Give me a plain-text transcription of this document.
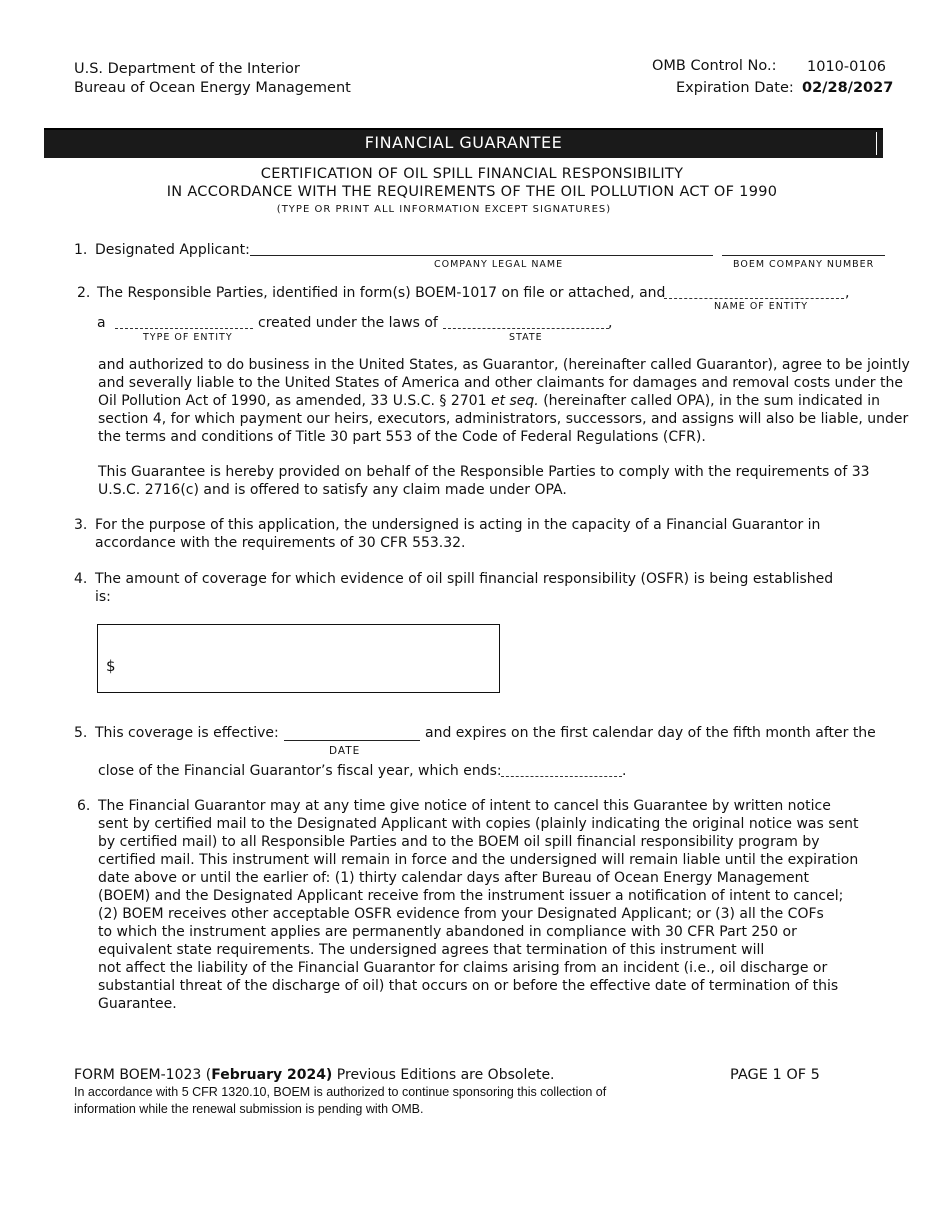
U.S. Department of the Interior
Bureau of Ocean Energy Management
OMB Control No.: 1010-0106
Expiration Date: 02/28/2027
FINANCIAL GUARANTEE
CERTIFICATION OF OIL SPILL FINANCIAL RESPONSIBILITY
IN ACCORDANCE WITH THE REQUIREMENTS OF THE OIL POLLUTION ACT OF 1990
(TYPE OR PRINT ALL INFORMATION EXCEPT SIGNATURES)
1. Designated Applicant:
COMPANY LEGAL NAME	BOEM COMPANY NUMBER
2. The Responsible Parties, identified in form(s) BOEM-1017 on file or attached, and	,
NAME OF ENTITY
a	created under the laws of	,
TYPE OF ENTITY	STATE

and authorized to do business in the United States, as Guarantor, (hereinafter called Guarantor), agree to be jointly

and severally liable to the United States of America and other claimants for damages and removal costs under the

Oil Pollution Act of 1990, as amended, 33 U.S.C. § 2701 et seq. (hereinafter called OPA), in the sum indicated in

section 4, for which payment our heirs, executors, administrators, successors, and assigns will also be liable, under

the terms and conditions of Title 30 part 553 of the Code of Federal Regulations (CFR).

This Guarantee is hereby provided on behalf of the Responsible Parties to comply with the requirements of 33

U.S.C. 2716(c) and is offered to satisfy any claim made under OPA.

3. For the purpose of this application, the undersigned is acting in the capacity of a Financial Guarantor in

accordance with the requirements of 30 CFR 553.32.

4. The amount of coverage for which evidence of oil spill financial responsibility (OSFR) is being established

is:

$
5. This coverage is effective:	and expires on the first calendar day of the fifth month after the
DATE
close of the Financial Guarantor’s fiscal year, which ends:	.
6. The Financial Guarantor may at any time give notice of intent to cancel this Guarantee by written notice

sent by certified mail to the Designated Applicant with copies (plainly indicating the original notice was sent

by certified mail) to all Responsible Parties and to the BOEM oil spill financial responsibility program by

certified mail. This instrument will remain in force and the undersigned will remain liable until the expiration

date above or until the earlier of: (1) thirty calendar days after Bureau of Ocean Energy Management

(BOEM) and the Designated Applicant receive from the instrument issuer a notification of intent to cancel;

(2) BOEM receives other acceptable OSFR evidence from your Designated Applicant; or (3) all the COFs

to which the instrument applies are permanently abandoned in compliance with 30 CFR Part 250 or

equivalent state requirements. The undersigned agrees that termination of this instrument will

not affect the liability of the Financial Guarantor for claims arising from an incident (i.e., oil discharge or

substantial threat of the discharge of oil) that occurs on or before the effective date of termination of this

Guarantee.

FORM BOEM-1023 (February 2024) Previous Editions are Obsolete.	PAGE 1 OF 5
In accordance with 5 CFR 1320.10, BOEM is authorized to continue sponsoring this collection of
information while the renewal submission is pending with OMB.
